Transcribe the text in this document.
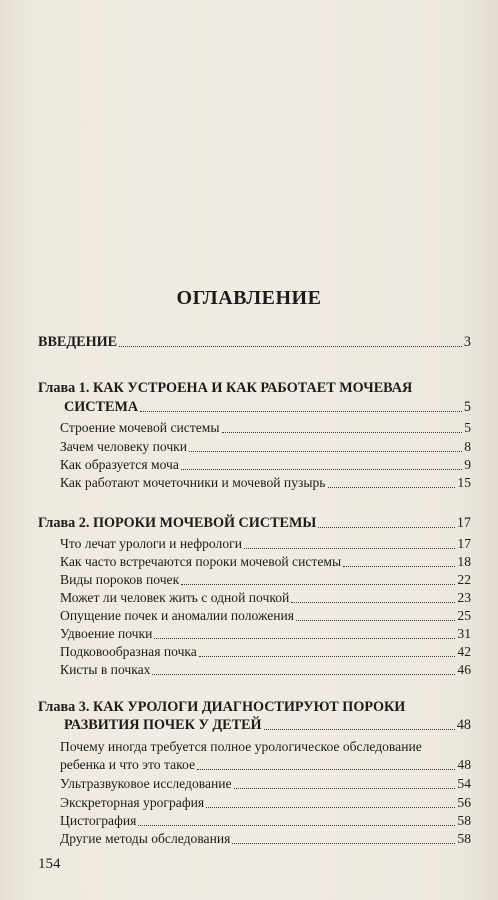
ОГЛАВЛЕНИЕ
ВВЕДЕНИЕ	3
Глава 1. КАК УСТРОЕНА И КАК РАБОТАЕТ МОЧЕВАЯ
СИСТЕМА	5
Строение мочевой системы	5
Зачем человеку почки	8
Как образуется моча	9
Как работают мочеточники и мочевой пузырь	15
Глава 2. ПОРОКИ МОЧЕВОЙ СИСТЕМЫ	17
Что лечат урологи и нефрологи	17
Как часто встречаются пороки мочевой системы	18
Виды пороков почек	22
Может ли человек жить с одной почкой	23
Опущение почек и аномалии положения	25
Удвоение почки	31
Подковообразная почка	42
Кисты в почках	46
Глава 3. КАК УРОЛОГИ ДИАГНОСТИРУЮТ ПОРОКИ
РАЗВИТИЯ ПОЧЕК У ДЕТЕЙ	48
Почему иногда требуется полное урологическое обследование
ребенка и что это такое	48
Ультразвуковое исследование	54
Экскреторная урография	56
Цистография	58
Другие методы обследования	58
154
